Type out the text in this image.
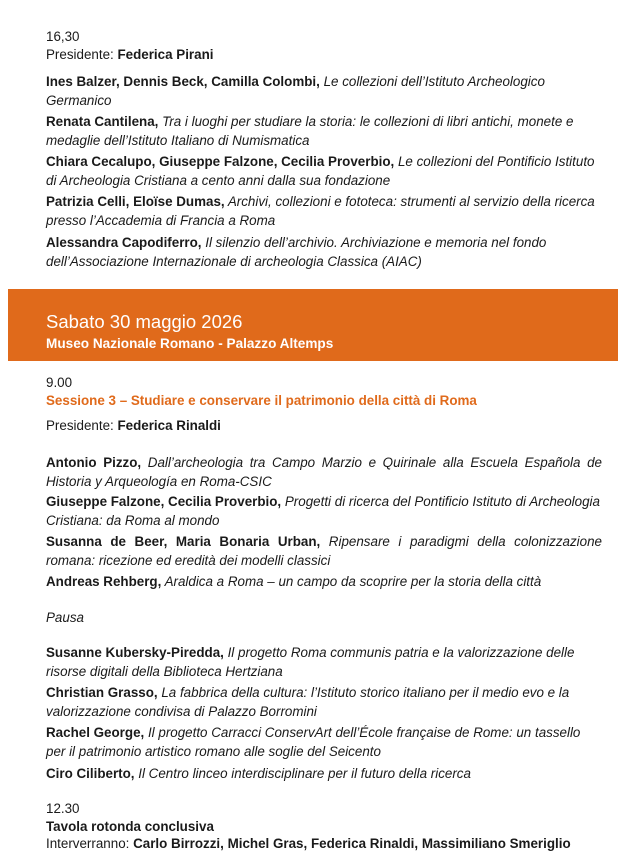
16,30
Presidente: Federica Pirani
Ines Balzer, Dennis Beck, Camilla Colombi, Le collezioni dell’Istituto Archeologico Germanico
Renata Cantilena, Tra i luoghi per studiare la storia: le collezioni di libri antichi, monete e medaglie dell’Istituto Italiano di Numismatica
Chiara Cecalupo, Giuseppe Falzone, Cecilia Proverbio, Le collezioni del Pontificio Istituto di Archeologia Cristiana a cento anni dalla sua fondazione
Patrizia Celli, Eloïse Dumas, Archivi, collezioni e fototeca: strumenti al servizio della ricerca presso l’Accademia di Francia a Roma
Alessandra Capodiferro, Il silenzio dell’archivio. Archiviazione e memoria nel fondo dell’Associazione Internazionale di archeologia Classica (AIAC)
Sabato 30 maggio 2026
Museo Nazionale Romano - Palazzo Altemps
9.00
Sessione 3 – Studiare e conservare il patrimonio della città di Roma
Presidente: Federica Rinaldi
Antonio Pizzo, Dall’archeologia tra Campo Marzio e Quirinale alla Escuela Española de Historia y Arqueología en Roma-CSIC
Giuseppe Falzone, Cecilia Proverbio, Progetti di ricerca del Pontificio Istituto di Archeologia Cristiana: da Roma al mondo
Susanna de Beer, Maria Bonaria Urban, Ripensare i paradigmi della colonizzazione romana: ricezione ed eredità dei modelli classici
Andreas Rehberg, Araldica a Roma – un campo da scoprire per la storia della città
Pausa
Susanne Kubersky-Piredda, Il progetto Roma communis patria e la valorizzazione delle risorse digitali della Biblioteca Hertziana
Christian Grasso, La fabbrica della cultura: l’Istituto storico italiano per il medio evo e la valorizzazione condivisa di Palazzo Borromini
Rachel George, Il progetto Carracci ConservArt dell’École française de Rome: un tassello per il patrimonio artistico romano alle soglie del Seicento
Ciro Ciliberto, Il Centro linceo interdisciplinare per il futuro della ricerca
12.30
Tavola rotonda conclusiva
Interverranno: Carlo Birrozzi, Michel Gras, Federica Rinaldi, Massimiliano Smeriglio
